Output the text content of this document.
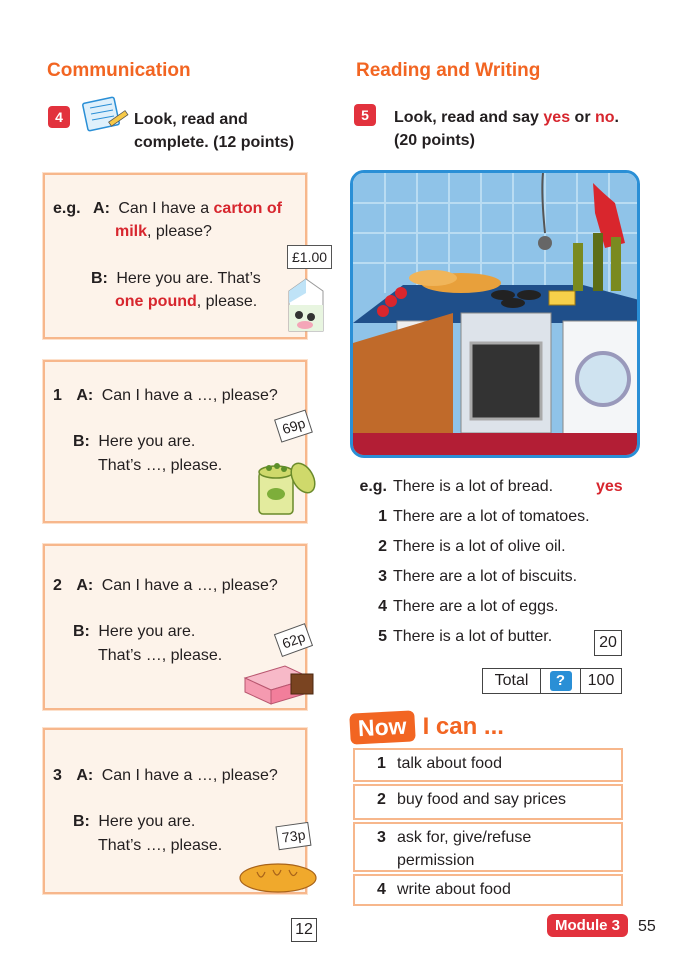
Communication
4	Look, read and
complete. (12 points)
e.g. A: Can I have a carton of
milk, please?
B: Here you are. That’s
one pound, please.
£1.00
1 A: Can I have a …, please?
B: Here you are.
That’s …, please.
69p
2 A: Can I have a …, please?
B: Here you are.
That’s …, please.
62p
3 A: Can I have a …, please?
B: Here you are.
That’s …, please.	73p
12
Reading and Writing
5	Look, read and say yes or no.
(20 points)
e.g. There is a lot of bread.	yes
1 There are a lot of tomatoes.
2 There is a lot of olive oil.
3 There are a lot of biscuits.
4 There are a lot of eggs.
5 There is a lot of butter.	20
Total	?	100
Now I can ...
1 talk about food
2 buy food and say prices
3 ask for, give/refuse
permission
4 write about food
Module 3	55
